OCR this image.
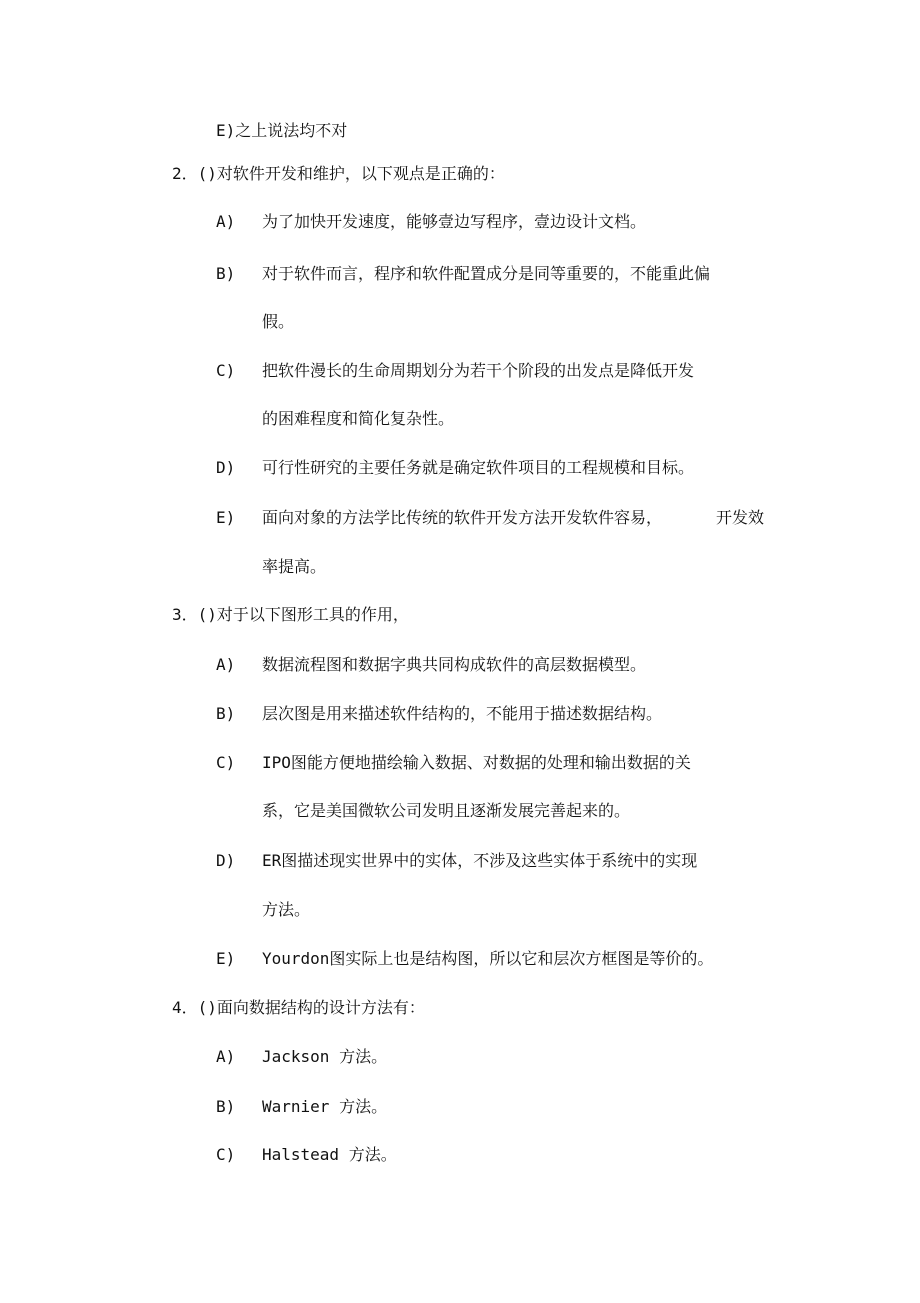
E)之上说法均不对
2．()对软件开发和维护，以下观点是正确的：
A) 为了加快开发速度，能够壹边写程序，壹边设计文档。
B) 对于软件而言，程序和软件配置成分是同等重要的，不能重此偏
假。
C) 把软件漫长的生命周期划分为若干个阶段的出发点是降低开发
的困难程度和简化复杂性。
D) 可行性研究的主要任务就是确定软件项目的工程规模和目标。
E) 面向对象的方法学比传统的软件开发方法开发软件容易，	开发效
率提高。
3．()对于以下图形工具的作用，
A) 数据流程图和数据字典共同构成软件的高层数据模型。
B) 层次图是用来描述软件结构的，不能用于描述数据结构。
C) IPO图能方便地描绘输入数据、对数据的处理和输出数据的关
系，它是美国微软公司发明且逐渐发展完善起来的。
D) ER图描述现实世界中的实体，不涉及这些实体于系统中的实现
方法。
E) Yourdon图实际上也是结构图，所以它和层次方框图是等价的。
4．()面向数据结构的设计方法有：
A) Jackson 方法。
B) Warnier 方法。
C) Halstead 方法。
